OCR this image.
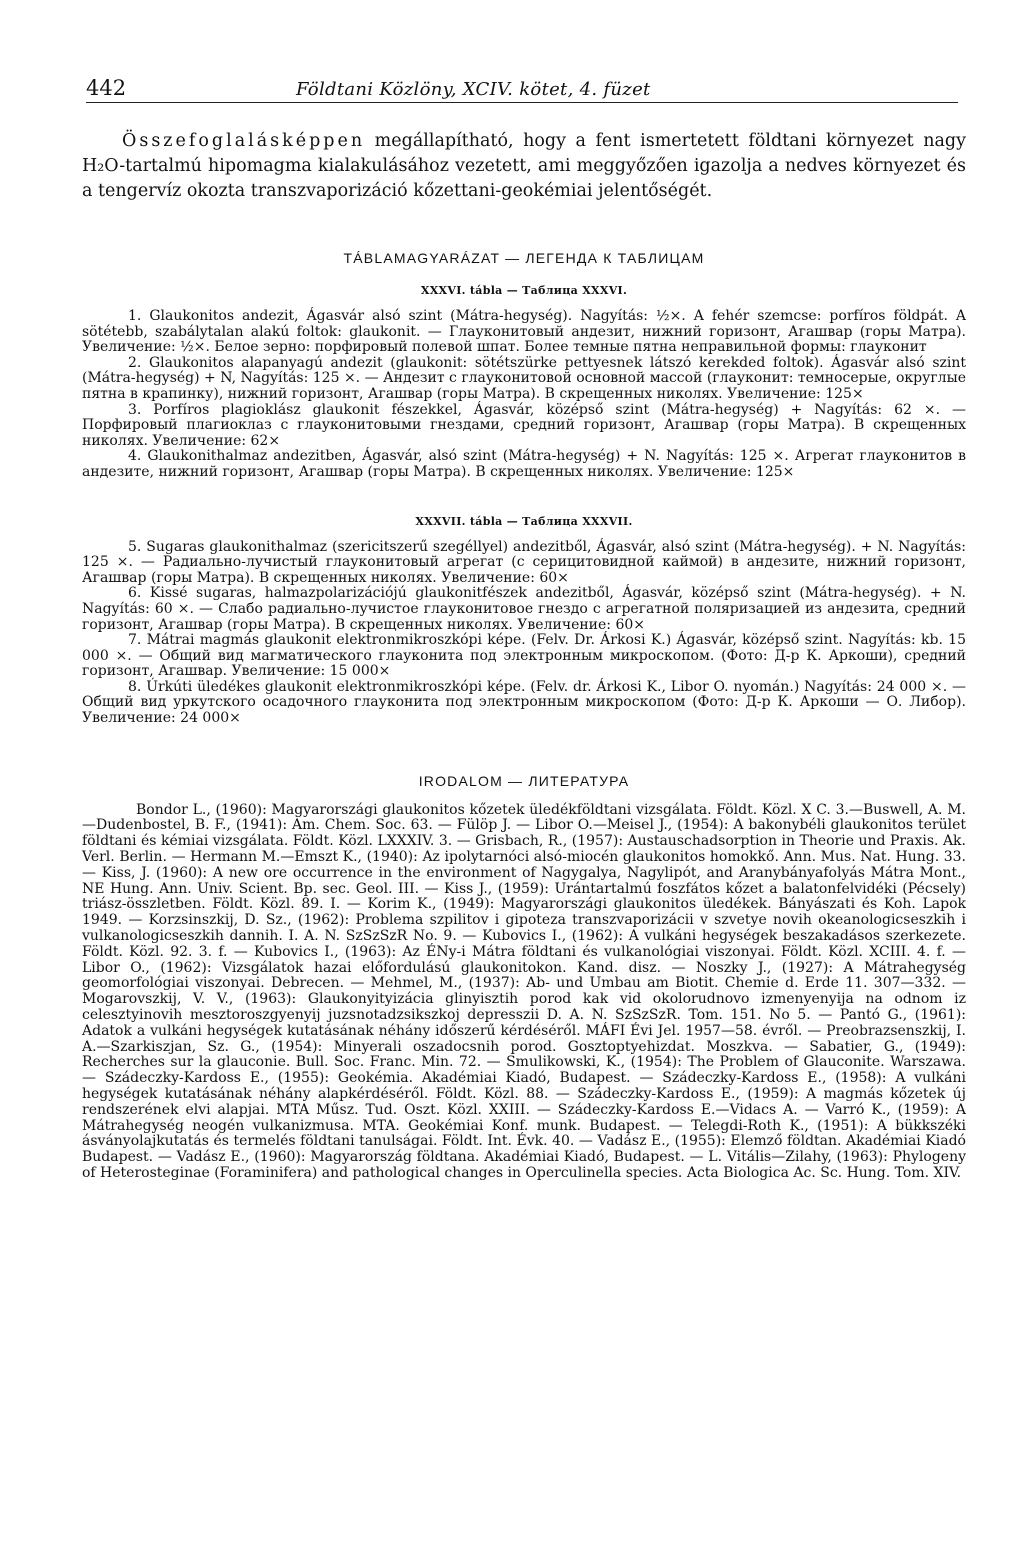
442	Földtani Közlöny, XCIV. kötet, 4. füzet

Összefoglalásképpen megállapítható, hogy a fent ismertetett földtani környezet nagy H₂O-tartalmú hipomagma kialakulásához vezetett, ami meggyőzően igazolja a nedves környezet és a tengervíz okozta transzvaporizáció kőzettani-geokémiai jelentőségét.

TÁBLAMAGYARÁZAT — ЛЕГЕНДА К ТАБЛИЦАМ
XXXVI. tábla — Таблица XXXVI.

1. Glaukonitos andezit, Ágasvár alsó szint (Mátra-hegység). Nagyítás: ½×. A fehér szemcse: porfíros földpát. A sötétebb, szabálytalan alakú foltok: glaukonit. — Глауконитовый андезит, нижний горизонт, Агашвар (горы Матра). Увеличение: ½×. Белое зерно: порфировый полевой шпат. Более темные пятна неправильной формы: глауконит

2. Glaukonitos alapanyagú andezit (glaukonit: sötétszürke pettyesnek látszó kerekded foltok). Ágasvár alsó szint (Mátra-hegység) + N, Nagyítás: 125 ×. — Андезит с глауконитовой основной массой (глауконит: темносерые, округлые пятна в крапинку), нижний горизонт, Агашвар (горы Матра). В скрещенных николях. Увеличение: 125×

3. Porfíros plagioklász glaukonit fészekkel, Ágasvár, középső szint (Mátra-hegység) + Nagyítás: 62 ×. — Порфировый плагиоклаз с глауконитовыми гнездами, средний горизонт, Агашвар (горы Матра). В скрещенных николях. Увеличение: 62×

4. Glaukonithalmaz andezitben, Ágasvár, alsó szint (Mátra-hegység) + N. Nagyítás: 125 ×. Агрегат глауконитов в андезите, нижний горизонт, Агашвар (горы Матра). В скрещенных николях. Увеличение: 125×

XXXVII. tábla — Таблица XXXVII.

5. Sugaras glaukonithalmaz (szericitszerű szegéllyel) andezitből, Ágasvár, alsó szint (Mátra-hegység). + N. Nagyítás: 125 ×. — Радиально-лучистый глауконитовый агрегат (с серицитовидной каймой) в андезите, нижний горизонт, Агашвар (горы Матра). В скрещенных николях. Увеличение: 60×

6. Kissé sugaras, halmazpolarizációjú glaukonitfészek andezitből, Ágasvár, középső szint (Mátra-hegység). + N. Nagyítás: 60 ×. — Слабо радиально-лучистое глауконитовое гнездо с агрегатной поляризацией из андезита, средний горизонт, Агашвар (горы Матра). В скрещенных николях. Увеличение: 60×

7. Mátrai magmás glaukonit elektronmikroszkópi képe. (Felv. Dr. Árkosi K.) Ágasvár, középső szint. Nagyítás: kb. 15 000 ×. — Общий вид магматического глауконита под электронным микроскопом. (Фото: Д-р К. Аркоши), средний горизонт, Агашвар. Увеличение: 15 000×

8. Úrkúti üledékes glaukonit elektronmikroszkópi képe. (Felv. dr. Árkosi K., Libor O. nyomán.) Nagyítás: 24 000 ×. — Общий вид уркутского осадочного глауконита под электронным микроскопом (Фото: Д-р К. Аркоши — О. Либор). Увеличение: 24 000×

IRODALOM — ЛИТЕРАТУРА

Bondor L., (1960): Magyarországi glaukonitos kőzetek üledékföldtani vizsgálata. Földt. Közl. X C. 3.—Buswell, A. M.—Dudenbostel, B. F., (1941): Am. Chem. Soc. 63. — Fülöp J. — Libor O.—Meisel J., (1954): A bakonybéli glaukonitos terület földtani és kémiai vizsgálata. Földt. Közl. LXXXIV. 3. — Grisbach, R., (1957): Austauschadsorption in Theorie und Praxis. Ak. Verl. Berlin. — Hermann M.—Emszt K., (1940): Az ipolytarnóci alsó-miocén glaukonitos homokkő. Ann. Mus. Nat. Hung. 33. — Kiss, J. (1960): A new ore occurrence in the environment of Nagygalya, Nagylipót, and Aranybányafolyás Mátra Mont., NE Hung. Ann. Univ. Scient. Bp. sec. Geol. III. — Kiss J., (1959): Urántartalmú foszfátos kőzet a balatonfelvidéki (Pécsely) triász-összletben. Földt. Közl. 89. I. — Korim K., (1949): Magyarországi glaukonitos üledékek. Bányászati és Koh. Lapok 1949. — Korzsinszkij, D. Sz., (1962): Problema szpilitov i gipoteza transzvaporizácii v szvetye novih okeanologicseszkih i vulkanologicseszkih dannih. I. A. N. SzSzSzR No. 9. — Kubovics I., (1962): A vulkáni hegységek beszakadásos szerkezete. Földt. Közl. 92. 3. f. — Kubovics I., (1963): Az ÉNy-i Mátra földtani és vulkanológiai viszonyai. Földt. Közl. XCIII. 4. f. — Libor O., (1962): Vizsgálatok hazai előfordulású glaukonitokon. Kand. disz. — Noszky J., (1927): A Mátrahegység geomorfológiai viszonyai. Debrecen. — Mehmel, M., (1937): Ab- und Umbau am Biotit. Chemie d. Erde 11. 307—332. — Mogarovszkij, V. V., (1963): Glaukonyityizácia glinyisztih porod kak vid okolorudnovo izmenyenyija na odnom iz celesztyinovih mesztoroszgyenyij juzsnotadzsikszkoj depresszii D. A. N. SzSzSzR. Tom. 151. No 5. — Pantó G., (1961): Adatok a vulkáni hegységek kutatásának néhány időszerű kérdéséről. MÁFI Évi Jel. 1957—58. évről. — Preobrazsenszkij, I. A.—Szarkiszjan, Sz. G., (1954): Minyerali oszadocsnih porod. Gosztoptyehizdat. Moszkva. — Sabatier, G., (1949): Recherches sur la glauconie. Bull. Soc. Franc. Min. 72. — Smulikowski, K., (1954): The Problem of Glauconite. Warszawa. — Szádeczky-Kardoss E., (1955): Geokémia. Akadémiai Kiadó, Budapest. — Szádeczky-Kardoss E., (1958): A vulkáni hegységek kutatásának néhány alapkérdéséről. Földt. Közl. 88. — Szádeczky-Kardoss E., (1959): A magmás kőzetek új rendszerének elvi alapjai. MTA Műsz. Tud. Oszt. Közl. XXIII. — Szádeczky-Kardoss E.—Vidacs A. — Varró K., (1959): A Mátrahegység neogén vulkanizmusa. MTA. Geokémiai Konf. munk. Budapest. — Telegdi-Roth K., (1951): A bükkszéki ásványolajkutatás és termelés földtani tanulságai. Földt. Int. Évk. 40. — Vadász E., (1955): Elemző földtan. Akadémiai Kiadó Budapest. — Vadász E., (1960): Magyarország földtana. Akadémiai Kiadó, Budapest. — L. Vitális—Zilahy, (1963): Phylogeny of Heterosteginae (Foraminifera) and pathological changes in Operculinella species. Acta Biologica Ac. Sc. Hung. Tom. XIV.
